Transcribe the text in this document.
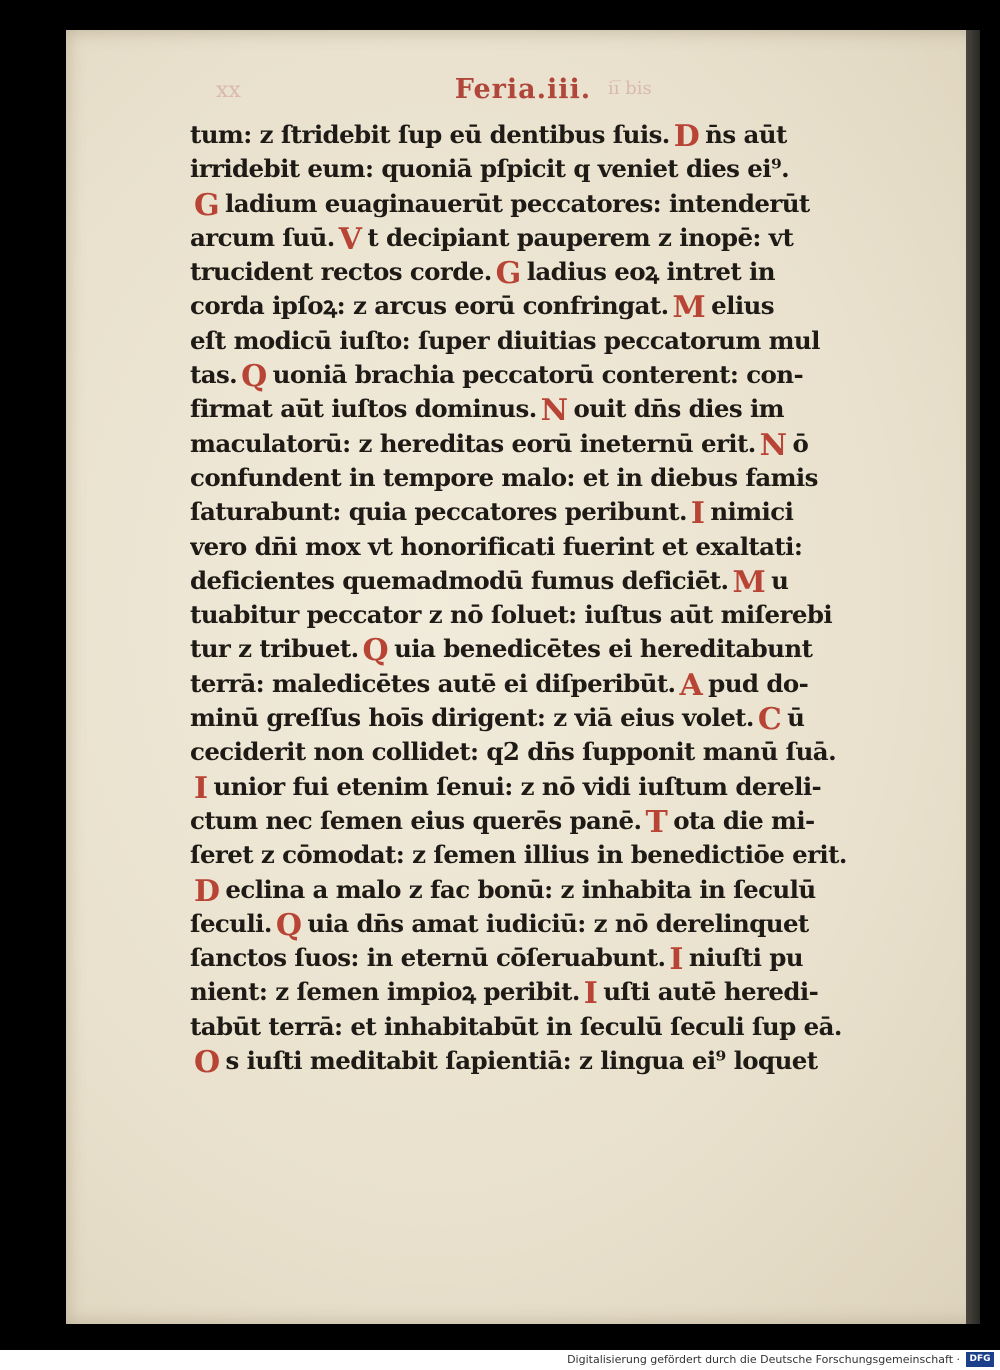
xx	Feria.iii. ii̅ bis
tum: z ſtridebit ſup eū dentibus ſuis. D n̄s aūt
irridebit eum: quoniā pſpicit q veniet dies ei⁹.
G ladium euaginauerūt peccatores: intenderūt
arcum ſuū. V t decipiant pauperem z inopē: vt
trucident rectos corde. G ladius eoꝝ intret in
corda ipſoꝝ: z arcus eorū confringat. M elius
eſt modicū iuſto: ſuper diuitias peccatorum mul
tas. Q uoniā brachia peccatorū conterent: con-
firmat aūt iuſtos dominus. N ouit dn̄s dies im
maculatorū: z hereditas eorū ineternū erit. N ō
confundent in tempore malo: et in diebus famis
ſaturabunt: quia peccatores peribunt. I nimici
vero dn̄i mox vt honorificati fuerint et exaltati:
deficientes quemadmodū fumus deficiēt. M u
tuabitur peccator z nō ſoluet: iuſtus aūt miſerebi
tur z tribuet. Q uia benedicētes ei hereditabunt
terrā: maledicētes autē ei diſperibūt. A pud do-
minū greſſus hoīs dirigent: z viā eius volet. C ū
ceciderit non collidet: q2 dn̄s ſupponit manū ſuā.
I unior fui etenim ſenui: z nō vidi iuſtum dereli-
ctum nec ſemen eius querēs panē. T ota die mi-
ſeret z cōmodat: z ſemen illius in benedictiōe erit.
D eclina a malo z fac bonū: z inhabita in ſeculū
ſeculi. Q uia dn̄s amat iudiciū: z nō derelinquet
ſanctos ſuos: in eternū cōſeruabunt. I niuſti pu
nient: z ſemen impioꝝ peribit. I uſti autē heredi-
tabūt terrā: et inhabitabūt in ſeculū ſeculi ſup eā.
O s iuſti meditabit ſapientiā: z lingua ei⁹ loquet
Digitalisierung gefördert durch die Deutsche Forschungsgemeinschaft ·	DFG
